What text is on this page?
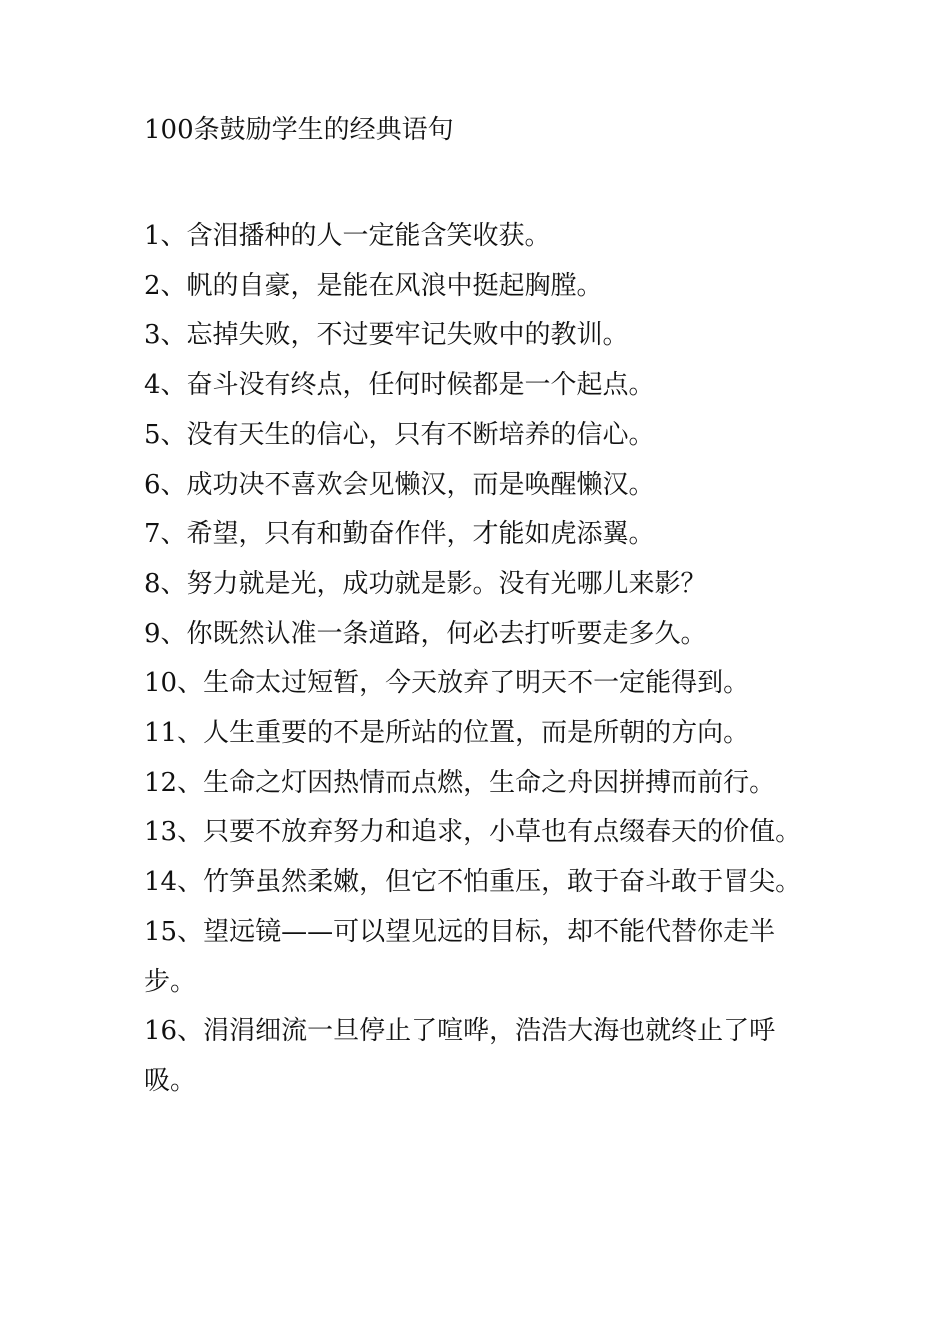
100条鼓励学生的经典语句
1、含泪播种的人一定能含笑收获。
2、帆的自豪，是能在风浪中挺起胸膛。
3、忘掉失败，不过要牢记失败中的教训。
4、奋斗没有终点，任何时候都是一个起点。
5、没有天生的信心，只有不断培养的信心。
6、成功决不喜欢会见懒汉，而是唤醒懒汉。
7、希望，只有和勤奋作伴，才能如虎添翼。
8、努力就是光，成功就是影。没有光哪儿来影？
9、你既然认准一条道路，何必去打听要走多久。
10、生命太过短暂，今天放弃了明天不一定能得到。
11、人生重要的不是所站的位置，而是所朝的方向。
12、生命之灯因热情而点燃，生命之舟因拼搏而前行。
13、只要不放弃努力和追求，小草也有点缀春天的价值。
14、竹笋虽然柔嫩，但它不怕重压，敢于奋斗敢于冒尖。
15、望远镜——可以望见远的目标，却不能代替你走半步。
16、涓涓细流一旦停止了喧哗，浩浩大海也就终止了呼吸。
